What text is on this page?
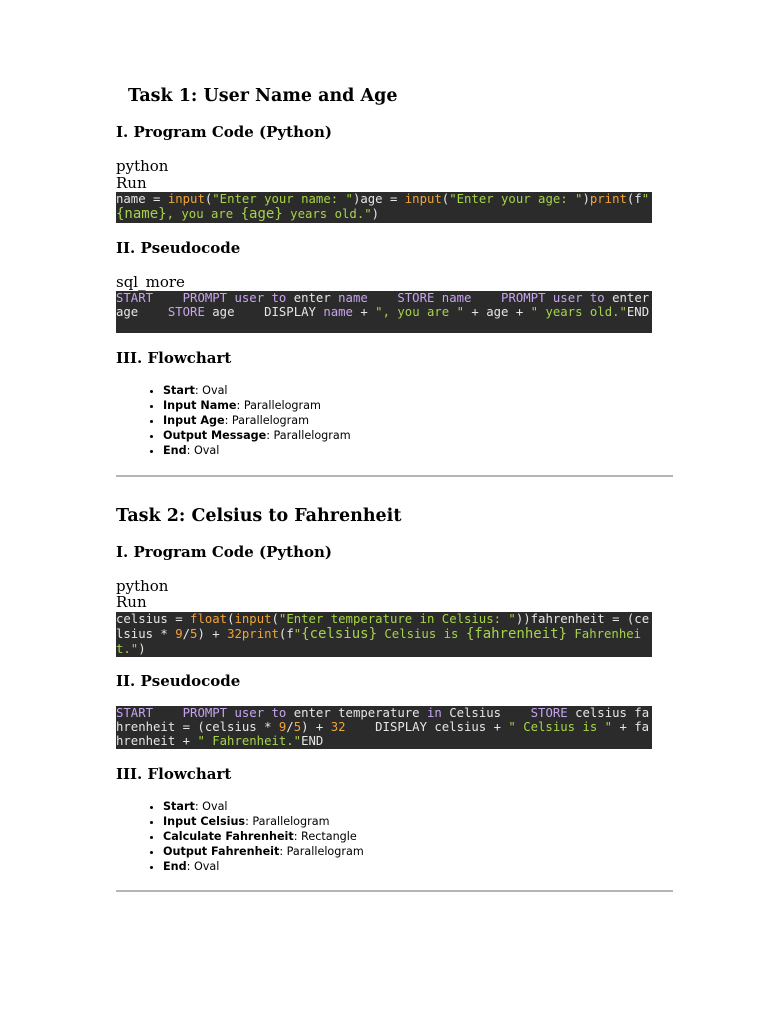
Task 1: User Name and Age
I. Program Code (Python)
python
Run
name = input("Enter your name: ")age = input("Enter your age: ")print(f"{name}, you are {age} years old.")
II. Pseudocode
sql_more
START    PROMPT user to enter name    STORE name    PROMPT user to enter age    STORE age    DISPLAY name + ", you are " + age + " years old."END
III. Flowchart
• Start: Oval
• Input Name: Parallelogram
• Input Age: Parallelogram
• Output Message: Parallelogram
• End: Oval
Task 2: Celsius to Fahrenheit
I. Program Code (Python)
python
Run
celsius = float(input("Enter temperature in Celsius: "))fahrenheit = (celsius * 9/5) + 32print(f"{celsius} Celsius is {fahrenheit} Fahrenheit.")
II. Pseudocode
START    PROMPT user to enter temperature in Celsius    STORE celsius fahrenheit = (celsius * 9/5) + 32    DISPLAY celsius + " Celsius is " + fahrenheit + " Fahrenheit."END
III. Flowchart
• Start: Oval
• Input Celsius: Parallelogram
• Calculate Fahrenheit: Rectangle
• Output Fahrenheit: Parallelogram
• End: Oval
